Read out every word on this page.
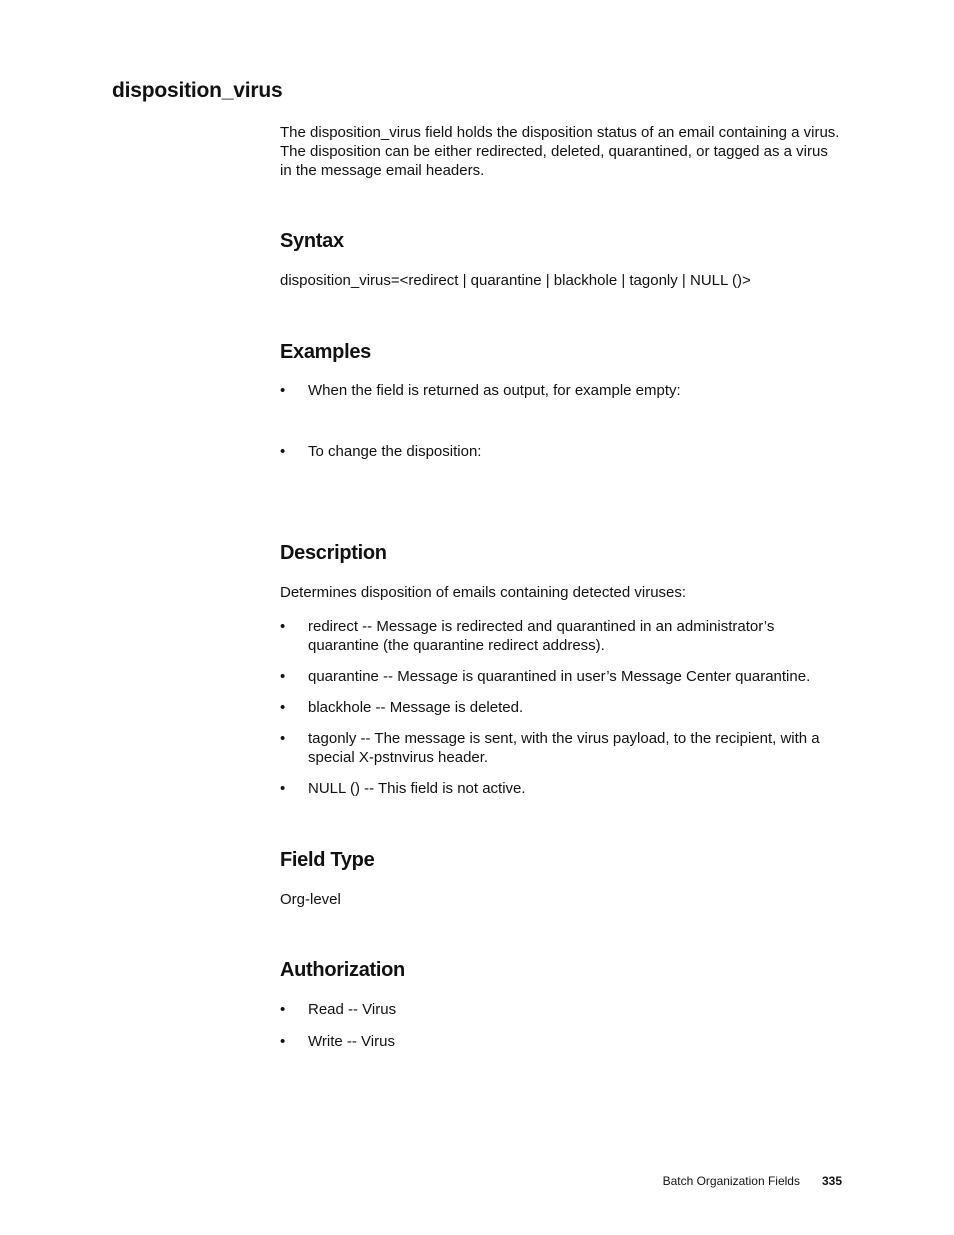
disposition_virus

The disposition_virus field holds the disposition status of an email containing a virus. The disposition can be either redirected, deleted, quarantined, or tagged as a virus in the message email headers.

Syntax

disposition_virus=<redirect | quarantine | blackhole | tagonly | NULL ()>

Examples
• When the field is returned as output, for example empty:
• To change the disposition:
Description

Determines disposition of emails containing detected viruses:

• redirect -- Message is redirected and quarantined in an administrator’s quarantine (the quarantine redirect address).
• quarantine -- Message is quarantined in user’s Message Center quarantine.
• blackhole -- Message is deleted.
• tagonly -- The message is sent, with the virus payload, to the recipient, with a special X-pstnvirus header.
• NULL () -- This field is not active.
Field Type

Org-level

Authorization
• Read -- Virus
• Write -- Virus
Batch Organization Fields 335
